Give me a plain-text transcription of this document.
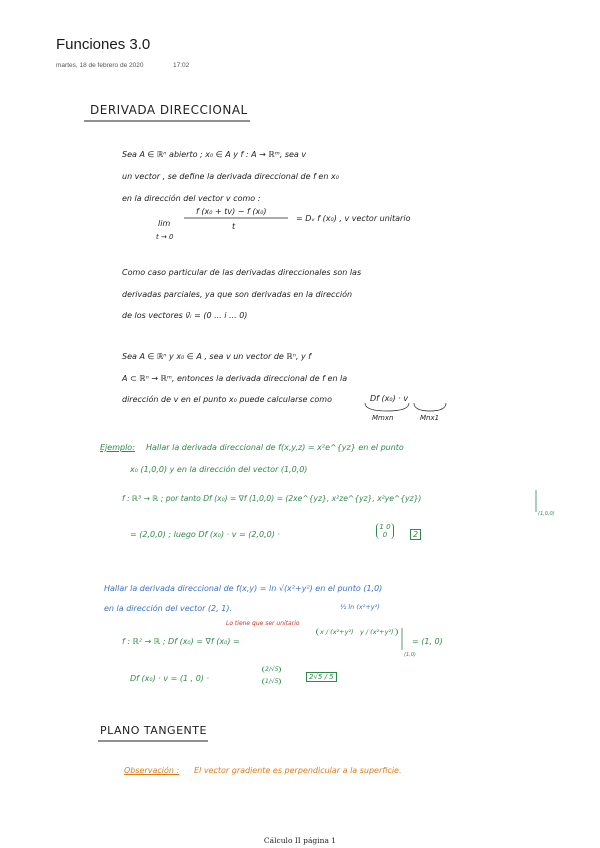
Funciones 3.0
martes, 18 de febrero de 2020	17:02
DERIVADA DIRECCIONAL
Sea A ∈ ℝⁿ abierto ; x₀ ∈ A y f : A → ℝᵐ, sea v
un vector , se define la derivada direccional de f en x₀
en la dirección del vector v como :
lim
t → 0
f (x₀ + tv) − f (x₀)
t
= Dᵥ f (x₀) , v vector unitario
Como caso particular de las derivadas direccionales son las
derivadas parciales, ya que son derivadas en la dirección
de los vectores v⃗ᵢ = (0 ... i ... 0)
Sea A ∈ ℝⁿ y x₀ ∈ A , sea v un vector de ℝⁿ, y f
A ⊂ ℝⁿ → ℝᵐ, entonces la derivada direccional de f en la
dirección de v en el punto x₀ puede calcularse como	Df (x₀) · v
Mmxn	Mnx1
Ejemplo: Hallar la derivada direccional de f(x,y,z) = x²e^{yz} en el punto
x₀ (1,0,0) y en la dirección del vector (1,0,0)
f : ℝ³ → ℝ ; por tanto Df (x₀) = ∇f (1,0,0) = (2xe^{yz}, x²ze^{yz}, x²ye^{yz})
(1,0,0)
= (2,0,0) ; luego Df (x₀) · v = (2,0,0) ·
1 0 0	2
Hallar la derivada direccional de f(x,y) = ln √(x²+y²) en el punto (1,0)
en la dirección del vector (2, 1).	½ ln (x²+y²)
Lo tiene que ser unitario
f : ℝ² → ℝ ; Df (x₀) = ∇f (x₀) =
x / (x²+y²) y / (x²+y²)
= (1, 0)
(1,0)
Df (x₀) · v = (1 , 0) ·
2/√5
1/√5
2√5 / 5
PLANO TANGENTE
Observación : El vector gradiente es perpendicular a la superficie.
Cálculo II página 1
